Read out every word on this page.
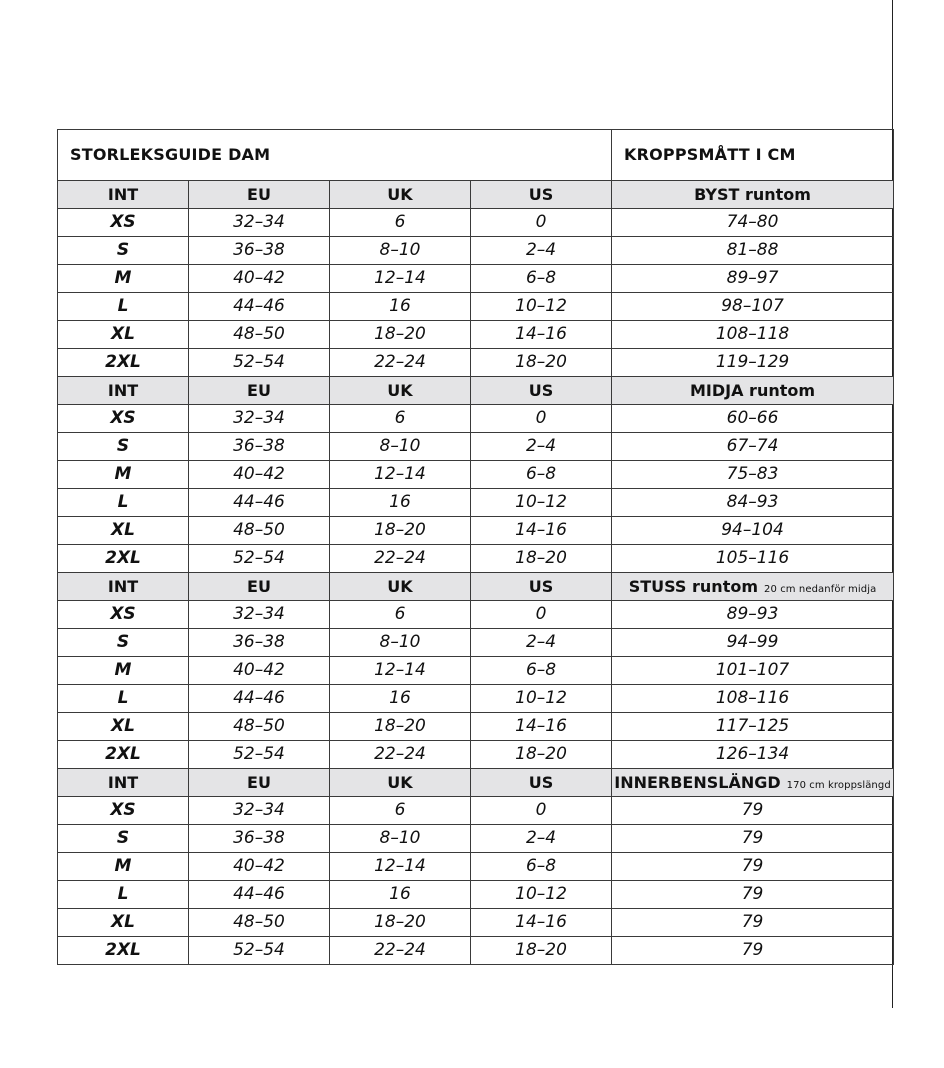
STORLEKSGUIDE DAM				KROPPSMÅTT I CM
INT	EU	UK	US	BYST runtom
XS	32–34	6	0	74–80
S	36–38	8–10	2–4	81–88
M	40–42	12–14	6–8	89–97
L	44–46	16	10–12	98–107
XL	48–50	18–20	14–16	108–118
2XL	52–54	22–24	18–20	119–129
INT	EU	UK	US	MIDJA runtom
XS	32–34	6	0	60–66
S	36–38	8–10	2–4	67–74
M	40–42	12–14	6–8	75–83
L	44–46	16	10–12	84–93
XL	48–50	18–20	14–16	94–104
2XL	52–54	22–24	18–20	105–116
INT	EU	UK	US	STUSS runtom 20 cm nedanför midja
XS	32–34	6	0	89–93
S	36–38	8–10	2–4	94–99
M	40–42	12–14	6–8	101–107
L	44–46	16	10–12	108–116
XL	48–50	18–20	14–16	117–125
2XL	52–54	22–24	18–20	126–134
INT	EU	UK	US	INNERBENSLÄNGD 170 cm kroppslängd
XS	32–34	6	0	79
S	36–38	8–10	2–4	79
M	40–42	12–14	6–8	79
L	44–46	16	10–12	79
XL	48–50	18–20	14–16	79
2XL	52–54	22–24	18–20	79
